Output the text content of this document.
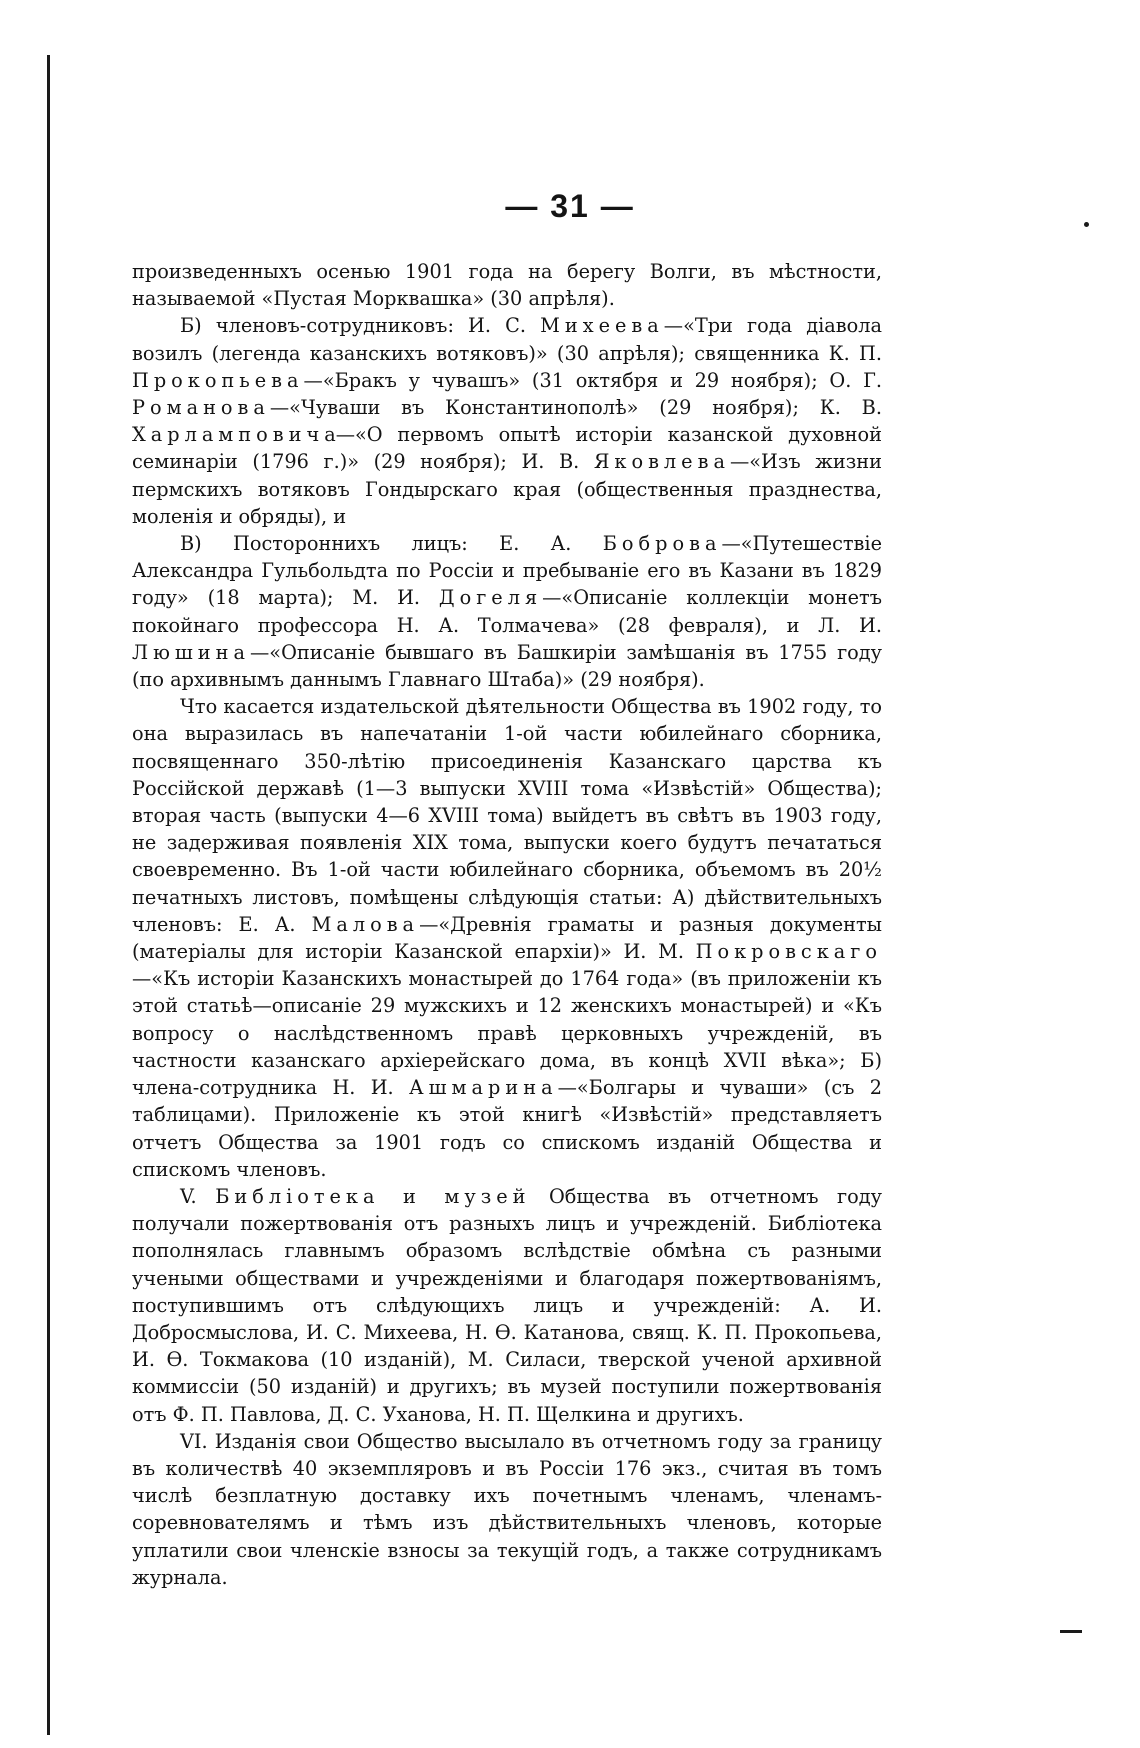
— 31 —

произведенныхъ осенью 1901 года на берегу Волги, въ мѣстности, называемой «Пустая Морквашка» (30 апрѣля).

Б) членовъ-сотрудниковъ: И. С. Михеева—«Три года діавола возилъ (легенда казанскихъ вотяковъ)» (30 апрѣля); священника К. П. Прокопьева—«Бракъ у чувашъ» (31 октября и 29 ноября); О. Г. Романова—«Чуваши въ Константинополѣ» (29 ноября); К. В. Харламповича—«О первомъ опытѣ исторіи казанской духовной семинаріи (1796 г.)» (29 ноября); И. В. Яковлева—«Изъ жизни пермскихъ вотяковъ Гондырскаго края (общественныя празднества, моленія и обряды), и

В) Постороннихъ лицъ: Е. А. Боброва—«Путешествіе Александра Гульбольдта по Россіи и пребываніе его въ Казани въ 1829 году» (18 марта); М. И. Догеля—«Описаніе коллекціи монетъ покойнаго профессора Н. А. Толмачева» (28 февраля), и Л. И. Люшина—«Описаніе бывшаго въ Башкиріи замѣшанія въ 1755 году (по архивнымъ даннымъ Главнаго Штаба)» (29 ноября).

Что касается издательской дѣятельности Общества въ 1902 году, то она выразилась въ напечатаніи 1-ой части юбилейнаго сборника, посвященнаго 350-лѣтію присоединенія Казанскаго царства къ Россійской державѣ (1—3 выпуски XVIII тома «Извѣстій» Общества); вторая часть (выпуски 4—6 XVIII тома) выйдетъ въ свѣтъ въ 1903 году, не задерживая появленія XIX тома, выпуски коего будутъ печататься своевременно. Въ 1-ой части юбилейнаго сборника, объемомъ въ 20½ печатныхъ листовъ, помѣщены слѣдующія статьи: А) дѣйствительныхъ членовъ: Е. А. Малова—«Древнія граматы и разныя документы (матеріалы для исторіи Казанской епархіи)» И. М. Покровскаго—«Къ исторіи Казанскихъ монастырей до 1764 года» (въ приложеніи къ этой статьѣ—описаніе 29 мужскихъ и 12 женскихъ монастырей) и «Къ вопросу о наслѣдственномъ правѣ церковныхъ учрежденій, въ частности казанскаго архіерейскаго дома, въ концѣ XVII вѣка»; Б) члена-сотрудника Н. И. Ашмарина—«Болгары и чуваши» (съ 2 таблицами). Приложеніе къ этой книгѣ «Извѣстій» представляетъ отчетъ Общества за 1901 годъ со спискомъ изданій Общества и спискомъ членовъ.

V. Библіотека и музей Общества въ отчетномъ году получали пожертвованія отъ разныхъ лицъ и учрежденій. Библіотека пополнялась главнымъ образомъ вслѣдствіе обмѣна съ разными учеными обществами и учрежденіями и благодаря пожертвованіямъ, поступившимъ отъ слѣдующихъ лицъ и учрежденій: А. И. Добросмыслова, И. С. Михеева, Н. Ѳ. Катанова, свящ. К. П. Прокопьева, И. Ѳ. Токмакова (10 изданій), М. Силаси, тверской ученой архивной коммиссіи (50 изданій) и другихъ; въ музей поступили пожертвованія отъ Ф. П. Павлова, Д. С. Уханова, Н. П. Щелкина и другихъ.

VI. Изданія свои Общество высылало въ отчетномъ году за границу въ количествѣ 40 экземпляровъ и въ Россіи 176 экз., считая въ томъ числѣ безплатную доставку ихъ почетнымъ членамъ, членамъ-соревнователямъ и тѣмъ изъ дѣйствительныхъ членовъ, которые уплатили свои членскіе взносы за текущій годъ, а также сотрудникамъ журнала.
